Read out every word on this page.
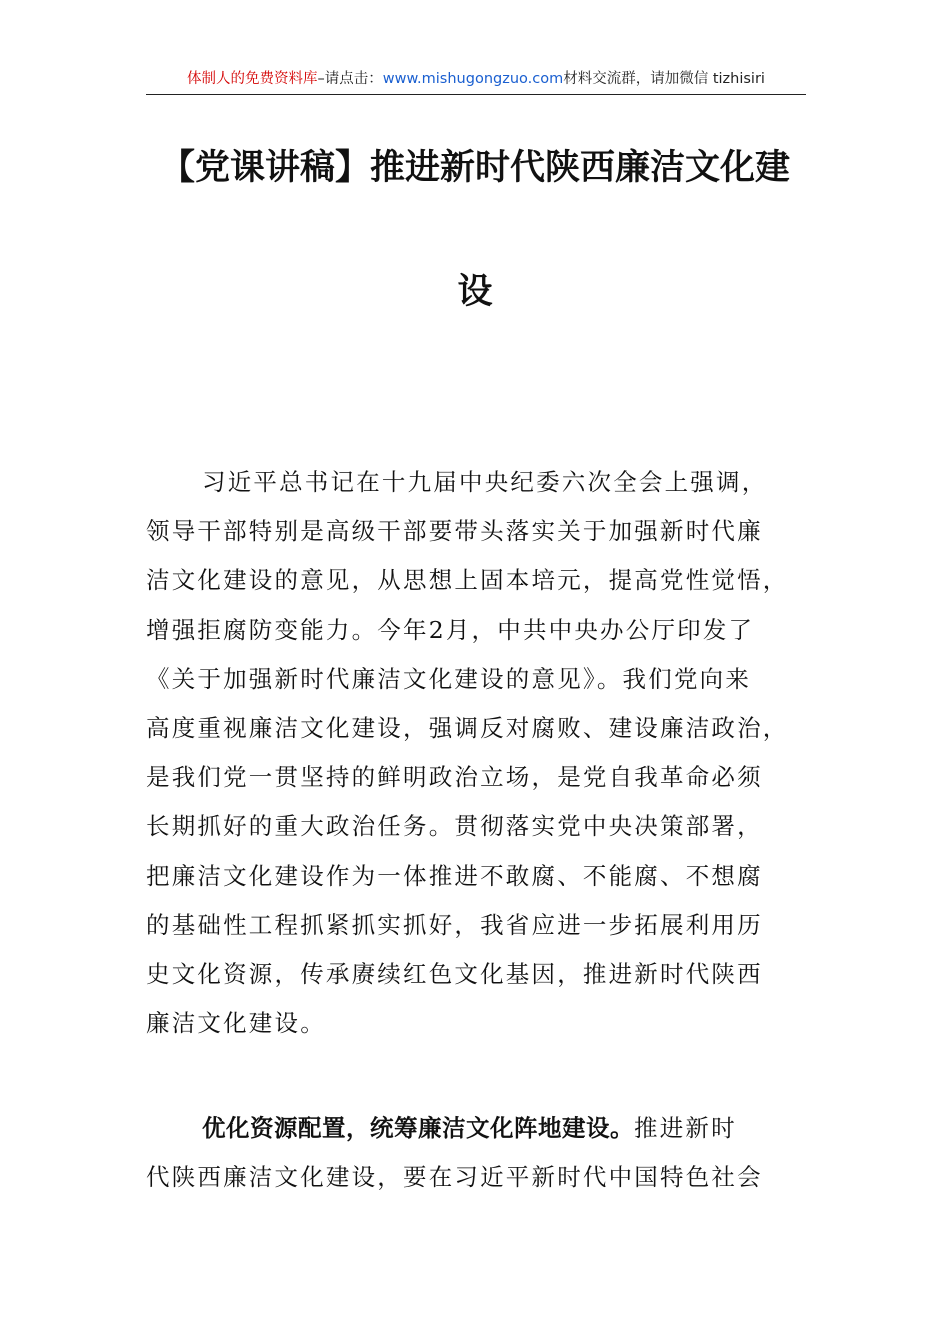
体制人的免费资料库–请点击：www.mishugongzuo.com材料交流群，请加微信 tizhisiri
【党课讲稿】推进新时代陕西廉洁文化建
设
习近平总书记在十九届中央纪委六次全会上强调，
领导干部特别是高级干部要带头落实关于加强新时代廉
洁文化建设的意见，从思想上固本培元，提高党性觉悟，
增强拒腐防变能力。今年2月，中共中央办公厅印发了
《关于加强新时代廉洁文化建设的意见》。我们党向来
高度重视廉洁文化建设，强调反对腐败、建设廉洁政治，
是我们党一贯坚持的鲜明政治立场，是党自我革命必须
长期抓好的重大政治任务。贯彻落实党中央决策部署，
把廉洁文化建设作为一体推进不敢腐、不能腐、不想腐
的基础性工程抓紧抓实抓好，我省应进一步拓展利用历
史文化资源，传承赓续红色文化基因，推进新时代陕西
廉洁文化建设。
优化资源配置，统筹廉洁文化阵地建设。推进新时
代陕西廉洁文化建设，要在习近平新时代中国特色社会
